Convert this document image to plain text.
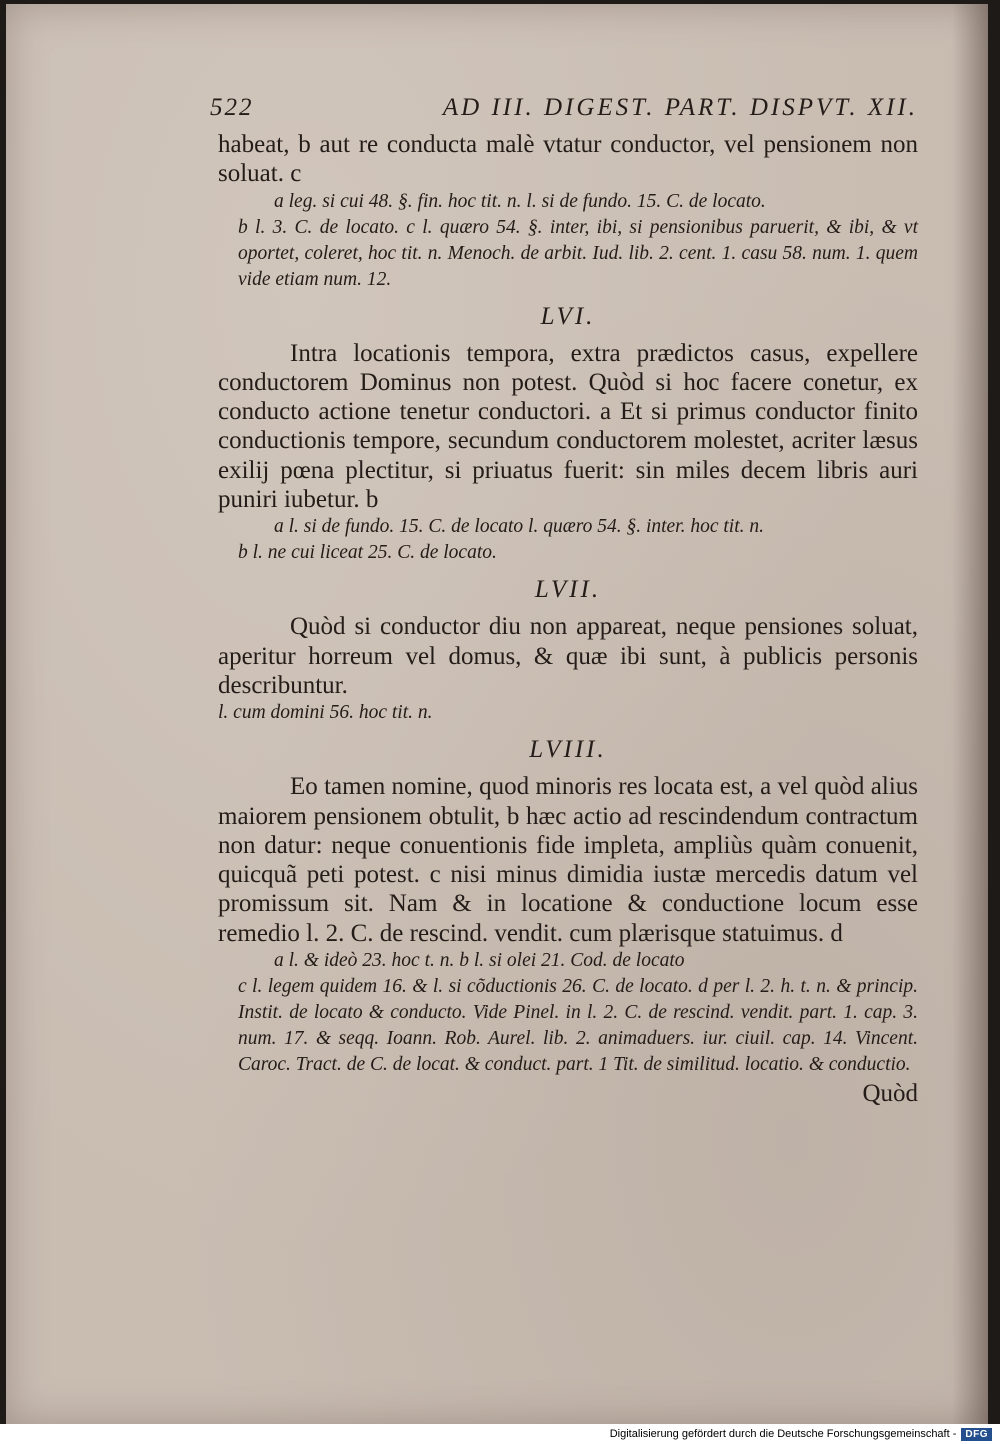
522	AD III. DIGEST. PART. DISPVT. XII.

habeat, b aut re conducta malè vtatur conductor, vel pensionem non soluat. c

a leg. si cui 48. §. fin. hoc tit. n. l. si de fundo. 15. C. de locato.

b l. 3. C. de locato. c l. quæro 54. §. inter, ibi, si pensionibus paruerit, & ibi, & vt oportet, coleret, hoc tit. n. Menoch. de arbit. Iud. lib. 2. cent. 1. casu 58. num. 1. quem vide etiam num. 12.

LVI.

Intra locationis tempora, extra prædictos casus, expellere conductorem Dominus non potest. Quòd si hoc facere conetur, ex conducto actione tenetur conductori. a Et si primus conductor finito conductionis tempore, secundum conductorem molestet, acriter læsus exilij pœna plectitur, si priuatus fuerit: sin miles decem libris auri puniri iubetur. b

a l. si de fundo. 15. C. de locato l. quæro 54. §. inter. hoc tit. n.

b l. ne cui liceat 25. C. de locato.

LVII.

Quòd si conductor diu non appareat, neque pensiones soluat, aperitur horreum vel domus, & quæ ibi sunt, à publicis personis describuntur.

l. cum domini 56. hoc tit. n.

LVIII.

Eo tamen nomine, quod minoris res locata est, a vel quòd alius maiorem pensionem obtulit, b hæc actio ad rescindendum contractum non datur: neque conuentionis fide impleta, ampliùs quàm conuenit, quicquã peti potest. c nisi minus dimidia iustæ mercedis datum vel promissum sit. Nam & in locatione & conductione locum esse remedio l. 2. C. de rescind. vendit. cum plærisque statuimus. d

a l. & ideò 23. hoc t. n. b l. si olei 21. Cod. de locato

c l. legem quidem 16. & l. si cõductionis 26. C. de locato. d per l. 2. h. t. n. & princip. Instit. de locato & conducto. Vide Pinel. in l. 2. C. de rescind. vendit. part. 1. cap. 3. num. 17. & seqq. Ioann. Rob. Aurel. lib. 2. animaduers. iur. ciuil. cap. 14. Vincent. Caroc. Tract. de C. de locat. & conduct. part. 1 Tit. de similitud. locatio. & conductio.

Quòd
Digitalisierung gefördert durch die Deutsche Forschungsgemeinschaft - DFG
